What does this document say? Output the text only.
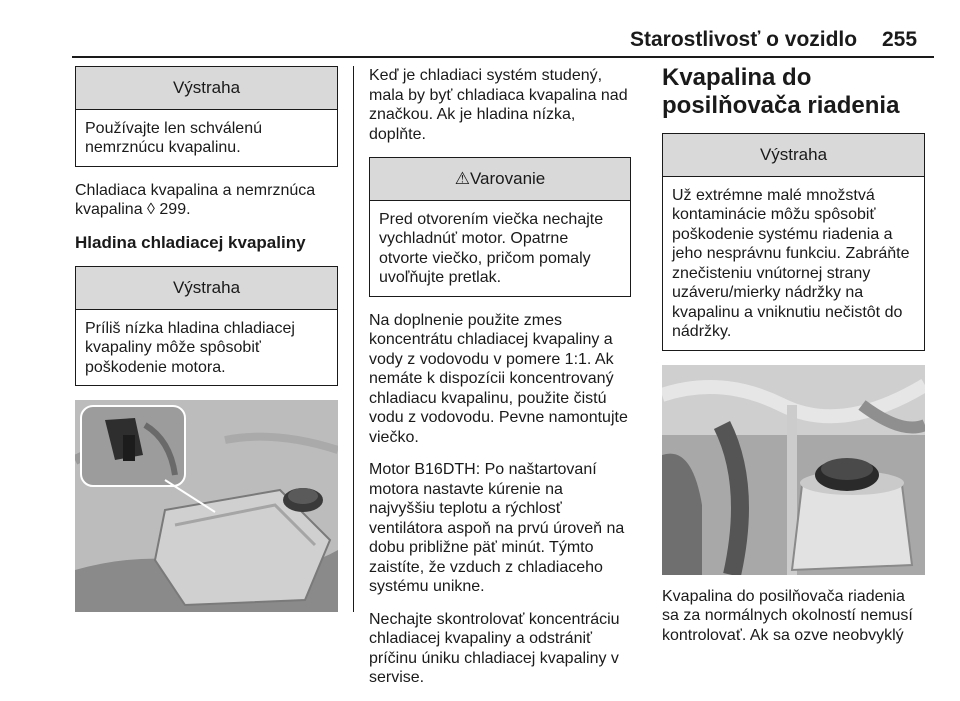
Starostlivosť o vozidlo 255
Výstraha
Používajte len schválenú nemrznúcu kvapalinu.
Chladiaca kvapalina a nemrznúca kvapalina ◊ 299.
Hladina chladiacej kvapaliny
Výstraha
Príliš nízka hladina chladiacej kvapaliny môže spôsobiť poškodenie motora.
Keď je chladiaci systém studený, mala by byť chladiaca kvapalina nad značkou. Ak je hladina nízka, doplňte.
⚠Varovanie
Pred otvorením viečka nechajte vychladnúť motor. Opatrne otvorte viečko, pričom pomaly uvoľňujte pretlak.
Na doplnenie použite zmes koncentrátu chladiacej kvapaliny a vody z vodovodu v pomere 1:1. Ak nemáte k dispozícii koncentrovaný chladiacu kvapalinu, použite čistú vodu z vodovodu. Pevne namontujte viečko.
Motor B16DTH: Po naštartovaní motora nastavte kúrenie na najvyššiu teplotu a rýchlosť ventilátora aspoň na prvú úroveň na dobu približne päť minút. Týmto zaistíte, že vzduch z chladiaceho systému unikne.
Nechajte skontrolovať koncentráciu chladiacej kvapaliny a odstrániť príčinu úniku chladiacej kvapaliny v servise.
Kvapalina do posilňovača riadenia
Výstraha
Už extrémne malé množstvá kontaminácie môžu spôsobiť poškodenie systému riadenia a jeho nesprávnu funkciu. Zabráňte znečisteniu vnútornej strany uzáveru/mierky nádržky na kvapalinu a vniknutiu nečistôt do nádržky.
Kvapalina do posilňovača riadenia sa za normálnych okolností nemusí kontrolovať. Ak sa ozve neobvyklý
